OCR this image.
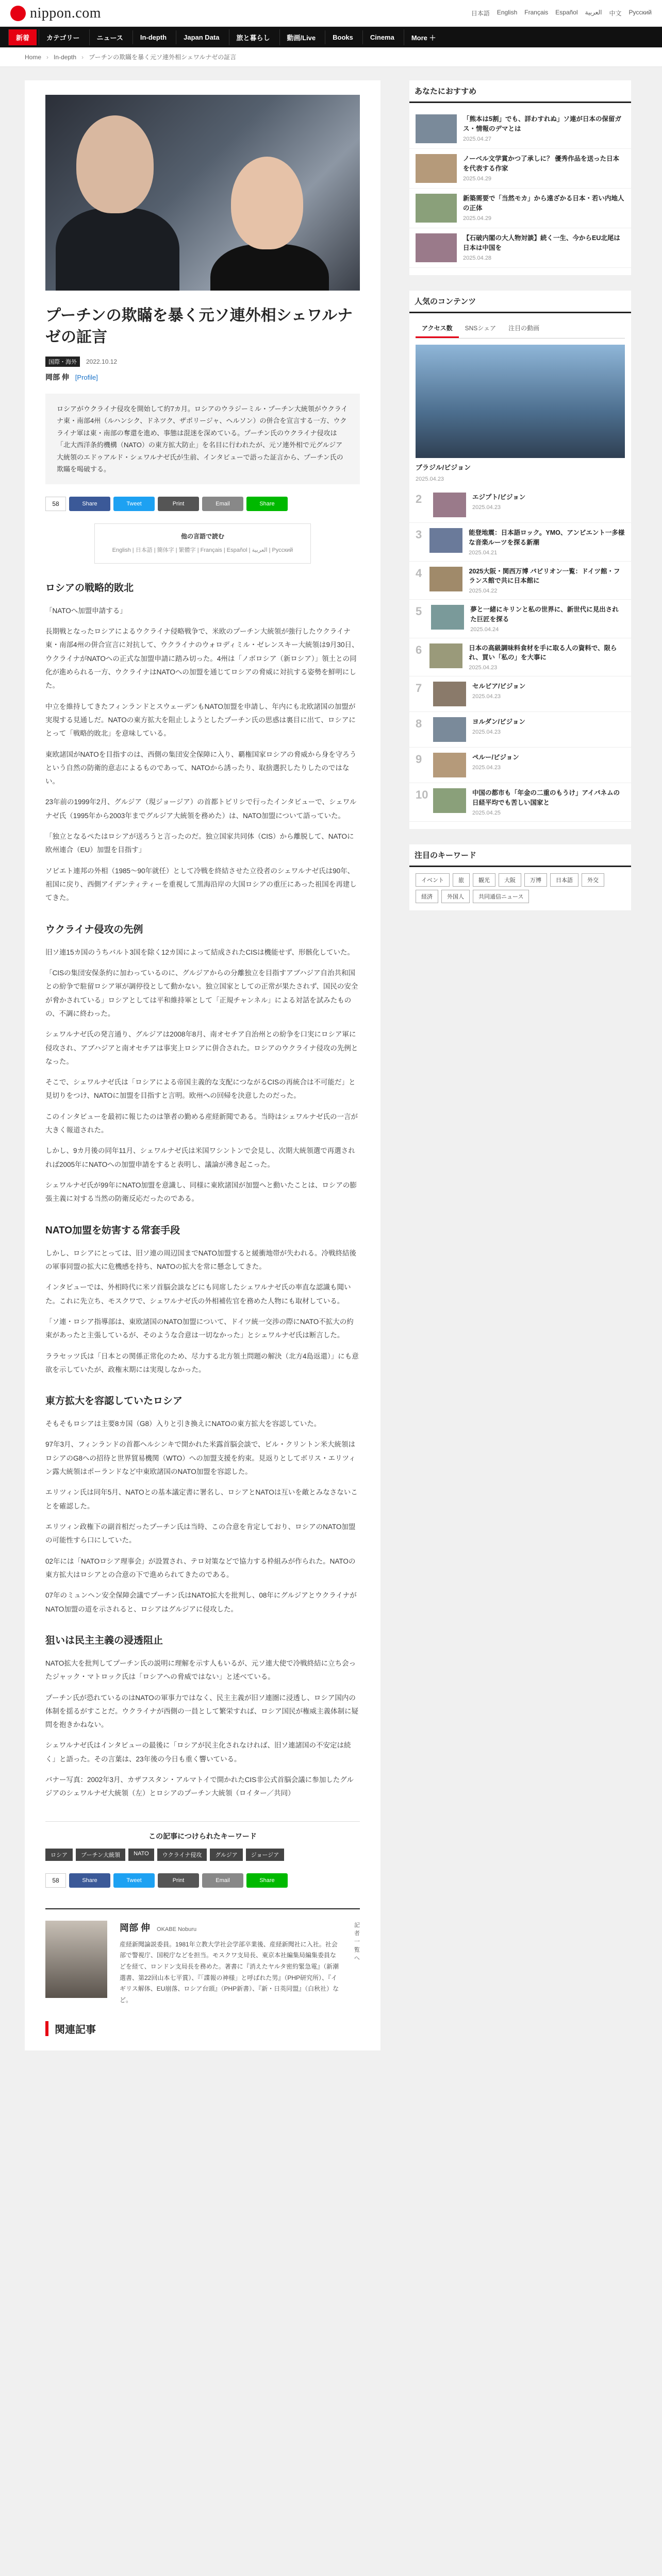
nippon.com	日本語 English Français Español العربية 中文 Русский
新着	カテゴリー	ニュース	In-depth	Japan Data	旅と暮らし	動画/Live	Books	Cinema	More ＋
Home › In-depth › プーチンの欺瞞を暴く元ソ連外相シェワルナゼの証言
プーチンの欺瞞を暴く元ソ連外相シェワルナゼの証言
国際・海外	2022.10.12
岡部 伸 [Profile]
ロシアがウクライナ侵攻を開始して約7カ月。ロシアのウラジーミル・プーチン大統領がウクライナ東・南部4州（ルハンシク、ドネツク、ザポリージャ、ヘルソン）の併合を宣言する一方、ウクライナ軍は東・南部の奪還を進め、事態は混迷を深めている。プーチン氏のウクライナ侵攻は「北大西洋条約機構（NATO）の東方拡大防止」を名目に行われたが、元ソ連外相で元グルジア大統領のエドゥアルド・シェワルナゼ氏が生前、インタビューで語った証言から、プーチン氏の欺瞞を喝破する。
58	Share	Tweet	Print	Email	Share
他の言語で読む
English | 日本語 | 簡体字 | 繁體字 | Français | Español | العربية | Русский
ロシアの戦略的敗北

「NATOへ加盟申請する」

長期戦となったロシアによるウクライナ侵略戦争で、米欧のプーチン大統領が強行したウクライナ東・南部4州の併合宣言に対抗して、ウクライナのウォロディミル・ゼレンスキー大統領は9月30日、ウクライナがNATOへの正式な加盟申請に踏み切った。4州は「ノボロシア（新ロシア）」領土との同化が進められる一方、ウクライナはNATOへの加盟を通じてロシアの脅威に対抗する姿勢を鮮明にした。

中立を維持してきたフィンランドとスウェーデンもNATO加盟を申請し、年内にも北欧諸国の加盟が実現する見通しだ。NATOの東方拡大を阻止しようとしたプーチン氏の思惑は裏目に出て、ロシアにとって「戦略的敗北」を意味している。

東欧諸国がNATOを目指すのは、西側の集団安全保障に入り、覇権国家ロシアの脅威から身を守ろうという自然の防衛的意志によるものであって、NATOから誘ったり、取捨選択したりしたのではない。

23年前の1999年2月、グルジア（現ジョージア）の首都トビリシで行ったインタビューで、シェワルナゼ氏（1995年から2003年までグルジア大統領を務めた）は、NATO加盟について語っていた。

「独立となるぺたはロシアが送ろうと言ったのだ。独立国家共同体（CIS）から離脱して、NATOに欧州連合（EU）加盟を目指す」

ソビエト連邦の外相（1985〜90年就任）として冷戦を終結させた立役者のシェワルナゼ氏は90年、祖国に戻り、西側アイデンティティーを重視して黒海沿岸の大国ロシアの重圧にあった祖国を再建してきた。

ウクライナ侵攻の先例

旧ソ連15カ国のうちバルト3国を除く12カ国によって結成されたCISは機能せず、形骸化していた。

「CISの集団安保条約に加わっているのに、グルジアからの分離独立を目指すアブハジア自治共和国との紛争で駐留ロシア軍が調停役として動かない。独立国家としての正常が果たされず、国民の安全が脅かされている」ロシアとしては平和維持軍として「正規チャンネル」による対話を試みたものの、不調に終わった。

シェワルナゼ氏の発言通り、グルジアは2008年8月、南オセチア自治州との紛争を口実にロシア軍に侵攻され、アブハジアと南オセチアは事実上ロシアに併合された。ロシアのウクライナ侵攻の先例となった。

そこで、シェワルナゼ氏は「ロシアによる帝国主義的な支配につながるCISの再統合は不可能だ」と見切りをつけ、NATOに加盟を目指すと言明。欧州への回帰を決意したのだった。

このインタビューを最初に報じたのは筆者の勤める産経新聞である。当時はシェワルナゼ氏の一言が大きく報道された。

しかし、9カ月後の同年11月、シェワルナゼ氏は米国ワシントンで会見し、次期大統領選で再選されれば2005年にNATOへの加盟申請をすると表明し、議論が沸き起こった。

シェワルナゼ氏が99年にNATO加盟を意識し、同様に東欧諸国が加盟へと動いたことは、ロシアの膨張主義に対する当然の防衛反応だったのである。

NATO加盟を妨害する常套手段

しかし、ロシアにとっては、旧ソ連の周辺国までNATO加盟すると緩衝地帯が失われる。冷戦終結後の軍事同盟の拡大に危機感を持ち、NATOの拡大を常に懸念してきた。

インタビューでは、外相時代に米ソ首脳会談などにも同席したシェワルナゼ氏の率直な認識も聞いた。これに先立ち、モスクワで、シェワルナゼ氏の外相補佐官を務めた人物にも取材している。

「ソ連・ロシア指導部は、東欧諸国のNATO加盟について、ドイツ統一交渉の際にNATO不拡大の約束があったと主張しているが、そのような合意は一切なかった」とシェワルナゼ氏は断言した。

ララセッツ氏は「日本との関係正常化のため、尽力する北方領土問題の解決（北方4島返還）」にも意欲を示していたが、政権末期には実現しなかった。

東方拡大を容認していたロシア

そもそもロシアは主要8カ国（G8）入りと引き換えにNATOの東方拡大を容認していた。

97年3月、フィンランドの首都ヘルシンキで開かれた米露首脳会談で、ビル・クリントン米大統領はロシアのG8への招待と世界貿易機関（WTO）への加盟支援を約束。見返りとしてボリス・エリツィン露大統領はポーランドなど中東欧諸国のNATO加盟を容認した。

エリツィン氏は同年5月、NATOとの基本議定書に署名し、ロシアとNATOは互いを敵とみなさないことを確認した。

エリツィン政権下の副首相だったプーチン氏は当時、この合意を肯定しており、ロシアのNATO加盟の可能性すら口にしていた。

02年には「NATOロシア理事会」が設置され、テロ対策などで協力する枠組みが作られた。NATOの東方拡大はロシアとの合意の下で進められてきたのである。

07年のミュンヘン安全保障会議でプーチン氏はNATO拡大を批判し、08年にグルジアとウクライナがNATO加盟の道を示されると、ロシアはグルジアに侵攻した。

狙いは民主主義の浸透阻止

NATO拡大を批判してプーチン氏の説明に理解を示す人もいるが、元ソ連大使で冷戦終結に立ち会ったジャック・マトロック氏は「ロシアへの脅威ではない」と述べている。

プーチン氏が恐れているのはNATOの軍事力ではなく、民主主義が旧ソ連圏に浸透し、ロシア国内の体制を揺るがすことだ。ウクライナが西側の一員として繁栄すれば、ロシア国民が権威主義体制に疑問を抱きかねない。

シェワルナゼ氏はインタビューの最後に「ロシアが民主化されなければ、旧ソ連諸国の不安定は続く」と語った。その言葉は、23年後の今日も重く響いている。

バナー写真：2002年3月、カザフスタン・アルマトイで開かれたCIS非公式首脳会議に参加したグルジアのシェワルナゼ大統領（左）とロシアのプーチン大統領（ロイター／共同）

この記事につけられたキーワード
ロシア	プーチン大統領	NATO	ウクライナ侵攻	グルジア	ジョージア
58	Share	Tweet	Print	Email	Share
岡部 伸 OKABE Noburu
産経新聞論説委員。1981年立教大学社会学部卒業後、産経新聞社に入社。社会部で警視庁、国税庁などを担当。モスクワ支局長、東京本社編集局編集委員などを経て、ロンドン支局長を務めた。著書に『消えたヤルタ密約緊急電』（新潮選書、第22回山本七平賞）、『「諜報の神様」と呼ばれた男』（PHP研究所）、『イギリス解体、EU崩落、ロシア台頭』（PHP新書）、『新・日英同盟』（白秋社）など。
記者一覧へ
関連記事
あなたにおすすめ
「熊本は5割」でも、詳わすれぬ」ソ連が日本の保留ガス・情報のデマとは
2025.04.27
ノーベル文学賞かつ了承しに？ 優秀作品を送った日本を代表する作家
2025.04.29
新築需要で「当然モカ」から遠ざかる日本・若い内地人の正体
2025.04.29
【石破内閣の大人物対談】続く一生、今からEU北尾は日本は中国を
2025.04.28
人気のコンテンツ
アクセス数	SNSシェア	注目の動画
ブラジル/ビジョン
2025.04.23
2	エジプト/ビジョン
2025.04.23
3	能登地震：日本語ロック。YMO、アンビエント一多様な音楽ルーツを探る新潮
2025.04.21
4	2025大阪・関西万博 パビリオン一覧：ドイツ館・フランス館で共に日本館に
2025.04.22
5	夢と一緒にキリンと私の世界に、新世代に見出された巨匠を探る
2025.04.24
6	日本の高級調味料食材を手に取る人の資料で、限られ、買い「私の」を大事に
2025.04.23
7	セルビア/ビジョン
2025.04.23
8	ヨルダン/ビジョン
2025.04.23
9	ペルー/ビジョン
2025.04.23
10	中国の都市も「年金の二重のもうけ」アイパネムの日経平均でも苦しい国家と
2025.04.25
注目のキーワード
イベント	旅	観光	大阪	万博	日本語	外交
経済	外国人	共同通信ニュース
